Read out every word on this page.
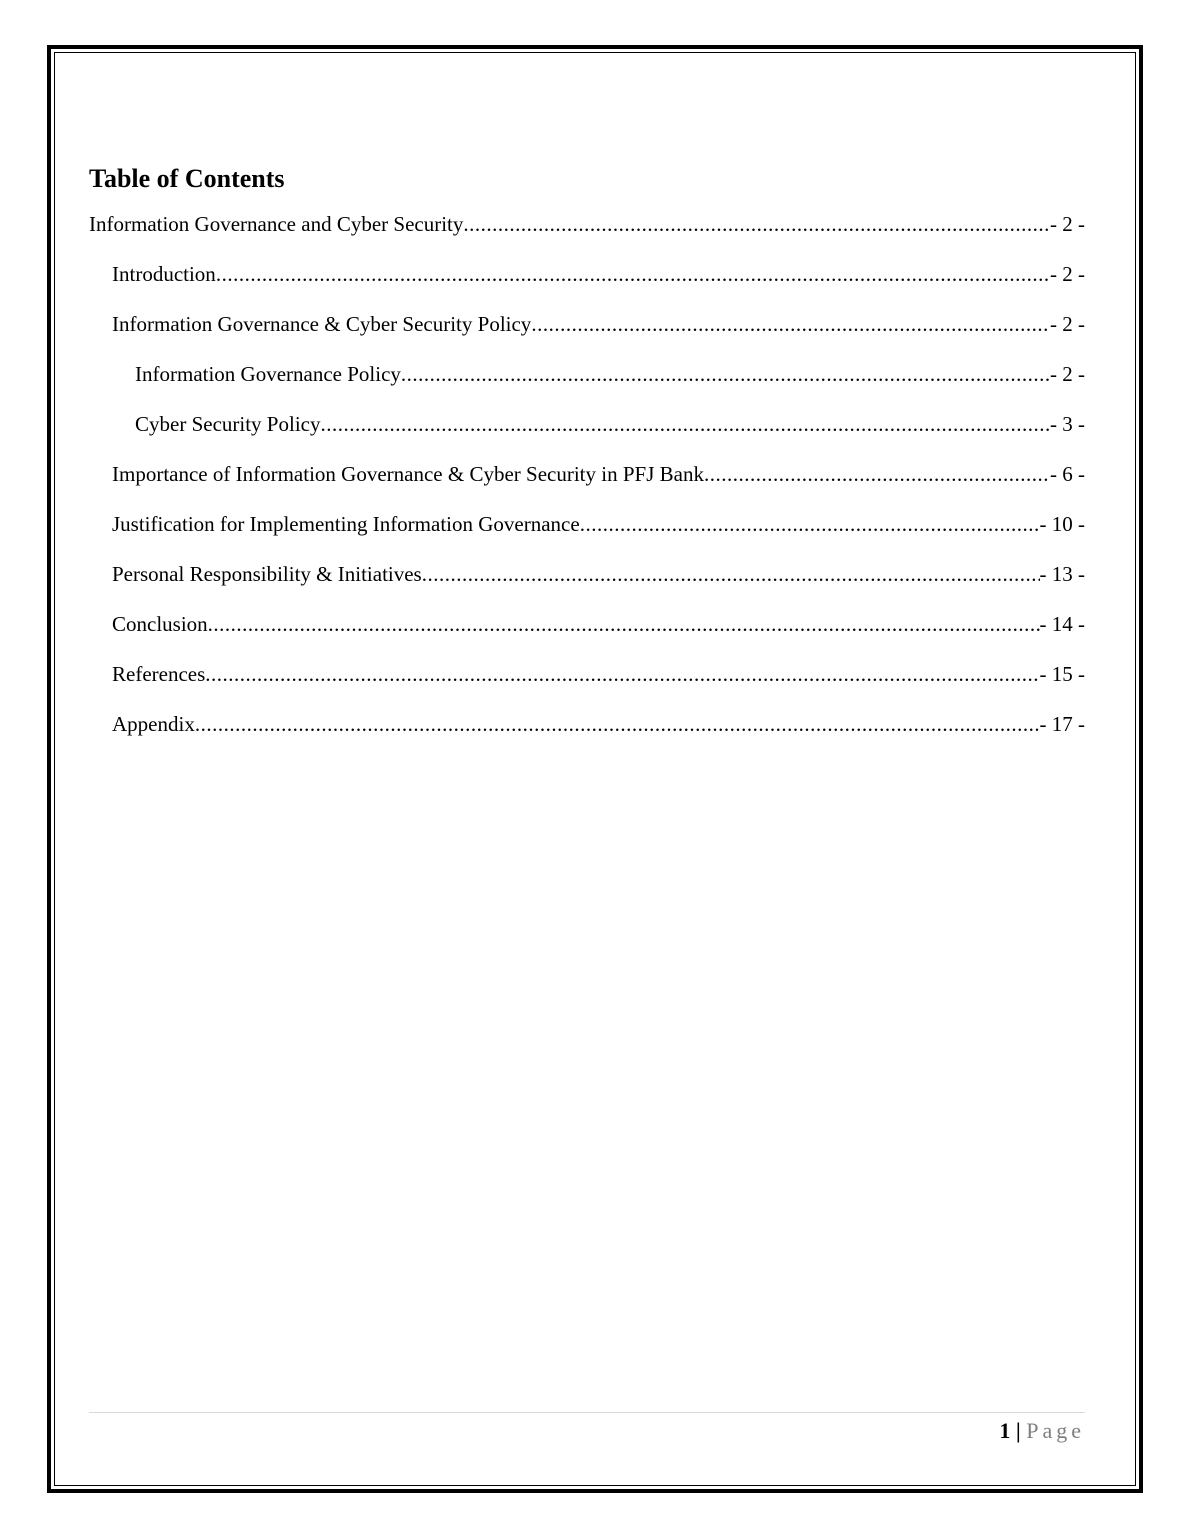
Table of Contents
Information Governance and Cyber Security .....	- 2 -
Introduction .....	- 2 -
Information Governance & Cyber Security Policy .....	- 2 -
Information Governance Policy .....	- 2 -
Cyber Security Policy .....	- 3 -
Importance of Information Governance & Cyber Security in PFJ Bank .....	- 6 -
Justification for Implementing Information Governance .....	- 10 -
Personal Responsibility & Initiatives .....	- 13 -
Conclusion .....	- 14 -
References .....	- 15 -
Appendix .....	- 17 -
1 | Page
